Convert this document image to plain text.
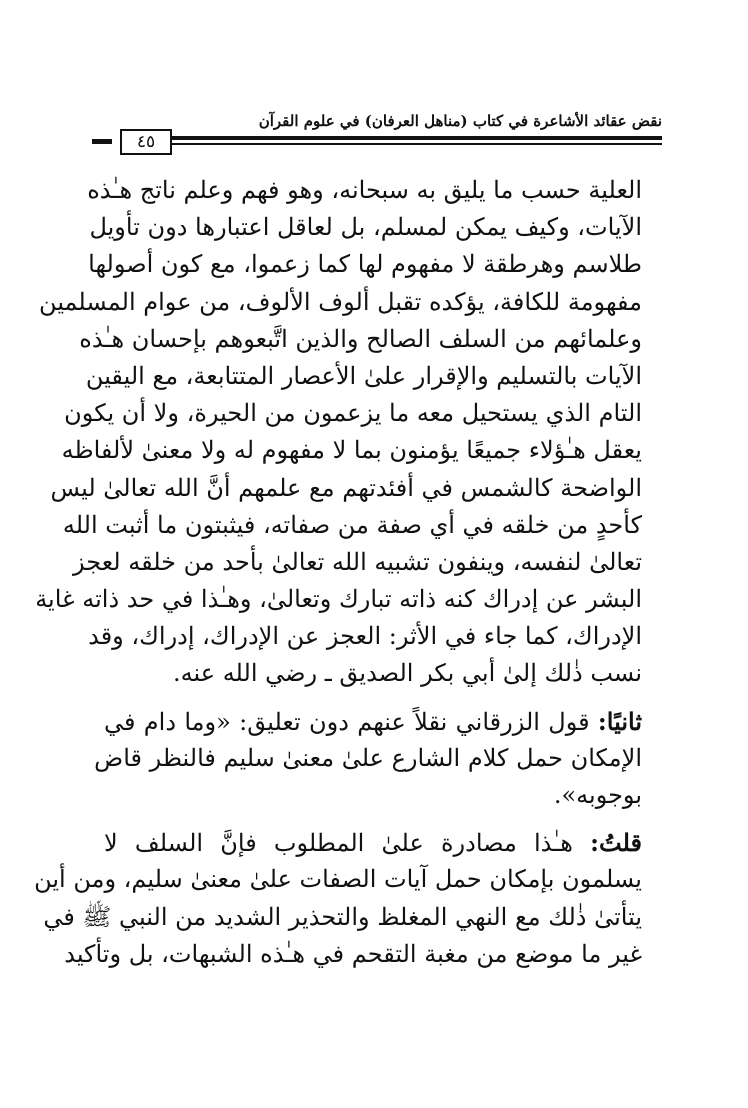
نقض عقائد الأشاعرة في كتاب (مناهل العرفان) في علوم القرآن
٤٥
العلية حسب ما يليق به سبحانه، وهو فهم وعلم ناتج هـٰذه
الآيات، وكيف يمكن لمسلم، بل لعاقل اعتبارها دون تأويل
طلاسم وهرطقة لا مفهوم لها كما زعموا، مع كون أصولها
مفهومة للكافة، يؤكده تقبل ألوف الألوف، من عوام المسلمين
وعلمائهم من السلف الصالح والذين اتَّبعوهم بإحسان هـٰذه
الآيات بالتسليم والإقرار علىٰ الأعصار المتتابعة، مع اليقين
التام الذي يستحيل معه ما يزعمون من الحيرة، ولا أن يكون
يعقل هـٰؤلاء جميعًا يؤمنون بما لا مفهوم له ولا معنىٰ لألفاظه
الواضحة كالشمس في أفئدتهم مع علمهم أنَّ الله تعالىٰ ليس
كأحدٍ من خلقه في أي صفة من صفاته، فيثبتون ما أثبت الله
تعالىٰ لنفسه، وينفون تشبيه الله تعالىٰ بأحد من خلقه لعجز
البشر عن إدراك كنه ذاته تبارك وتعالىٰ، وهـٰذا في حد ذاته غاية
الإدراك، كما جاء في الأثر: العجز عن الإدراك، إدراك، وقد
نسب ذٰلك إلىٰ أبي بكر الصديق ـ رضي الله عنه.
ثانيًا: قول الزرقاني نقلاً عنهم دون تعليق: «وما دام في
الإمكان حمل كلام الشارع علىٰ معنىٰ سليم فالنظر قاض
بوجوبه».
قلتُ: هـٰذا مصادرة علىٰ المطلوب فإنَّ السلف لا
يسلمون بإمكان حمل آيات الصفات علىٰ معنىٰ سليم، ومن أين
يتأتىٰ ذٰلك مع النهي المغلظ والتحذير الشديد من النبي ﷺ في
غير ما موضع من مغبة التقحم في هـٰذه الشبهات، بل وتأكيد
